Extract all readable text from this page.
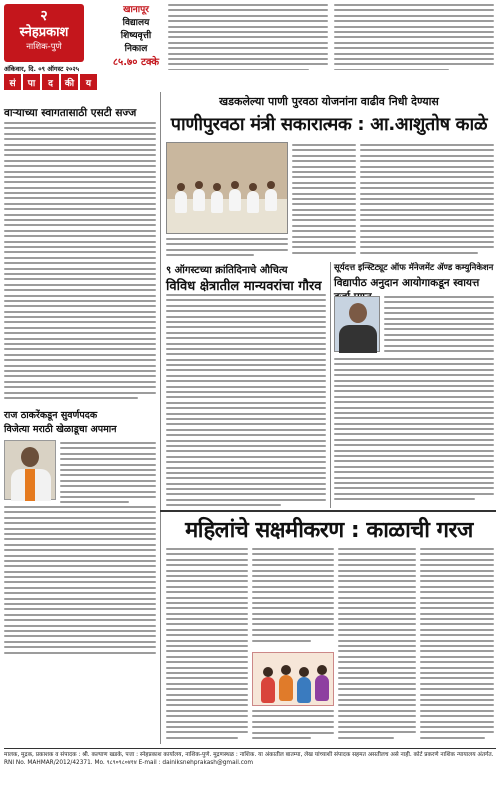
२
स्नेहप्रकाश
नाशिक-पुणे
अंकिवार, दि. ०९ ऑगस्ट २०२५
खानापूर
विद्यालय
शिष्यवृत्ती
निकाल
८५.७० टक्के
सं	पा	द	की	य
वाऱ्याच्या स्वागतासाठी एसटी सज्ज
राज ठाकरेंकडून सुवर्णपदक
विजेत्या मराठी खेळाडूचा अपमान
खडकलेल्या पाणी पुरवठा योजनांना वाढीव निधी देण्यास
पाणीपुरवठा मंत्री सकारात्मक : आ.आशुतोष काळे
९ ऑगस्टच्या क्रांतिदिनाचे औचित्य
विविध क्षेत्रातील मान्यवरांचा गौरव
सूर्यदत्त इन्स्टिट्यूट ऑफ मॅनेजमेंट ॲण्ड कम्युनिकेशन
विद्यापीठ अनुदान आयोगाकडून स्वायत्त
महिलांचे सक्षमीकरण : काळाची गरज
मालक, मुद्रक, प्रकाशक व संपादक : श्री. कल्याण खडके, पत्ता : स्नेहप्रकाश कार्यालय, नाशिक-पुणे. मुद्रणस्थळ : नाशिक. या अंकातील बातम्या, लेख यांच्याशी संपादक सहमत असतीलच असे नाही. कोर्ट प्रकरणे नाशिक न्यायालय अंतर्गत. RNI No. MAHMAR/2012/42371. Mo. ९८९०९८०४१४ E-mail : dainiksnehprakash@gmail.com
